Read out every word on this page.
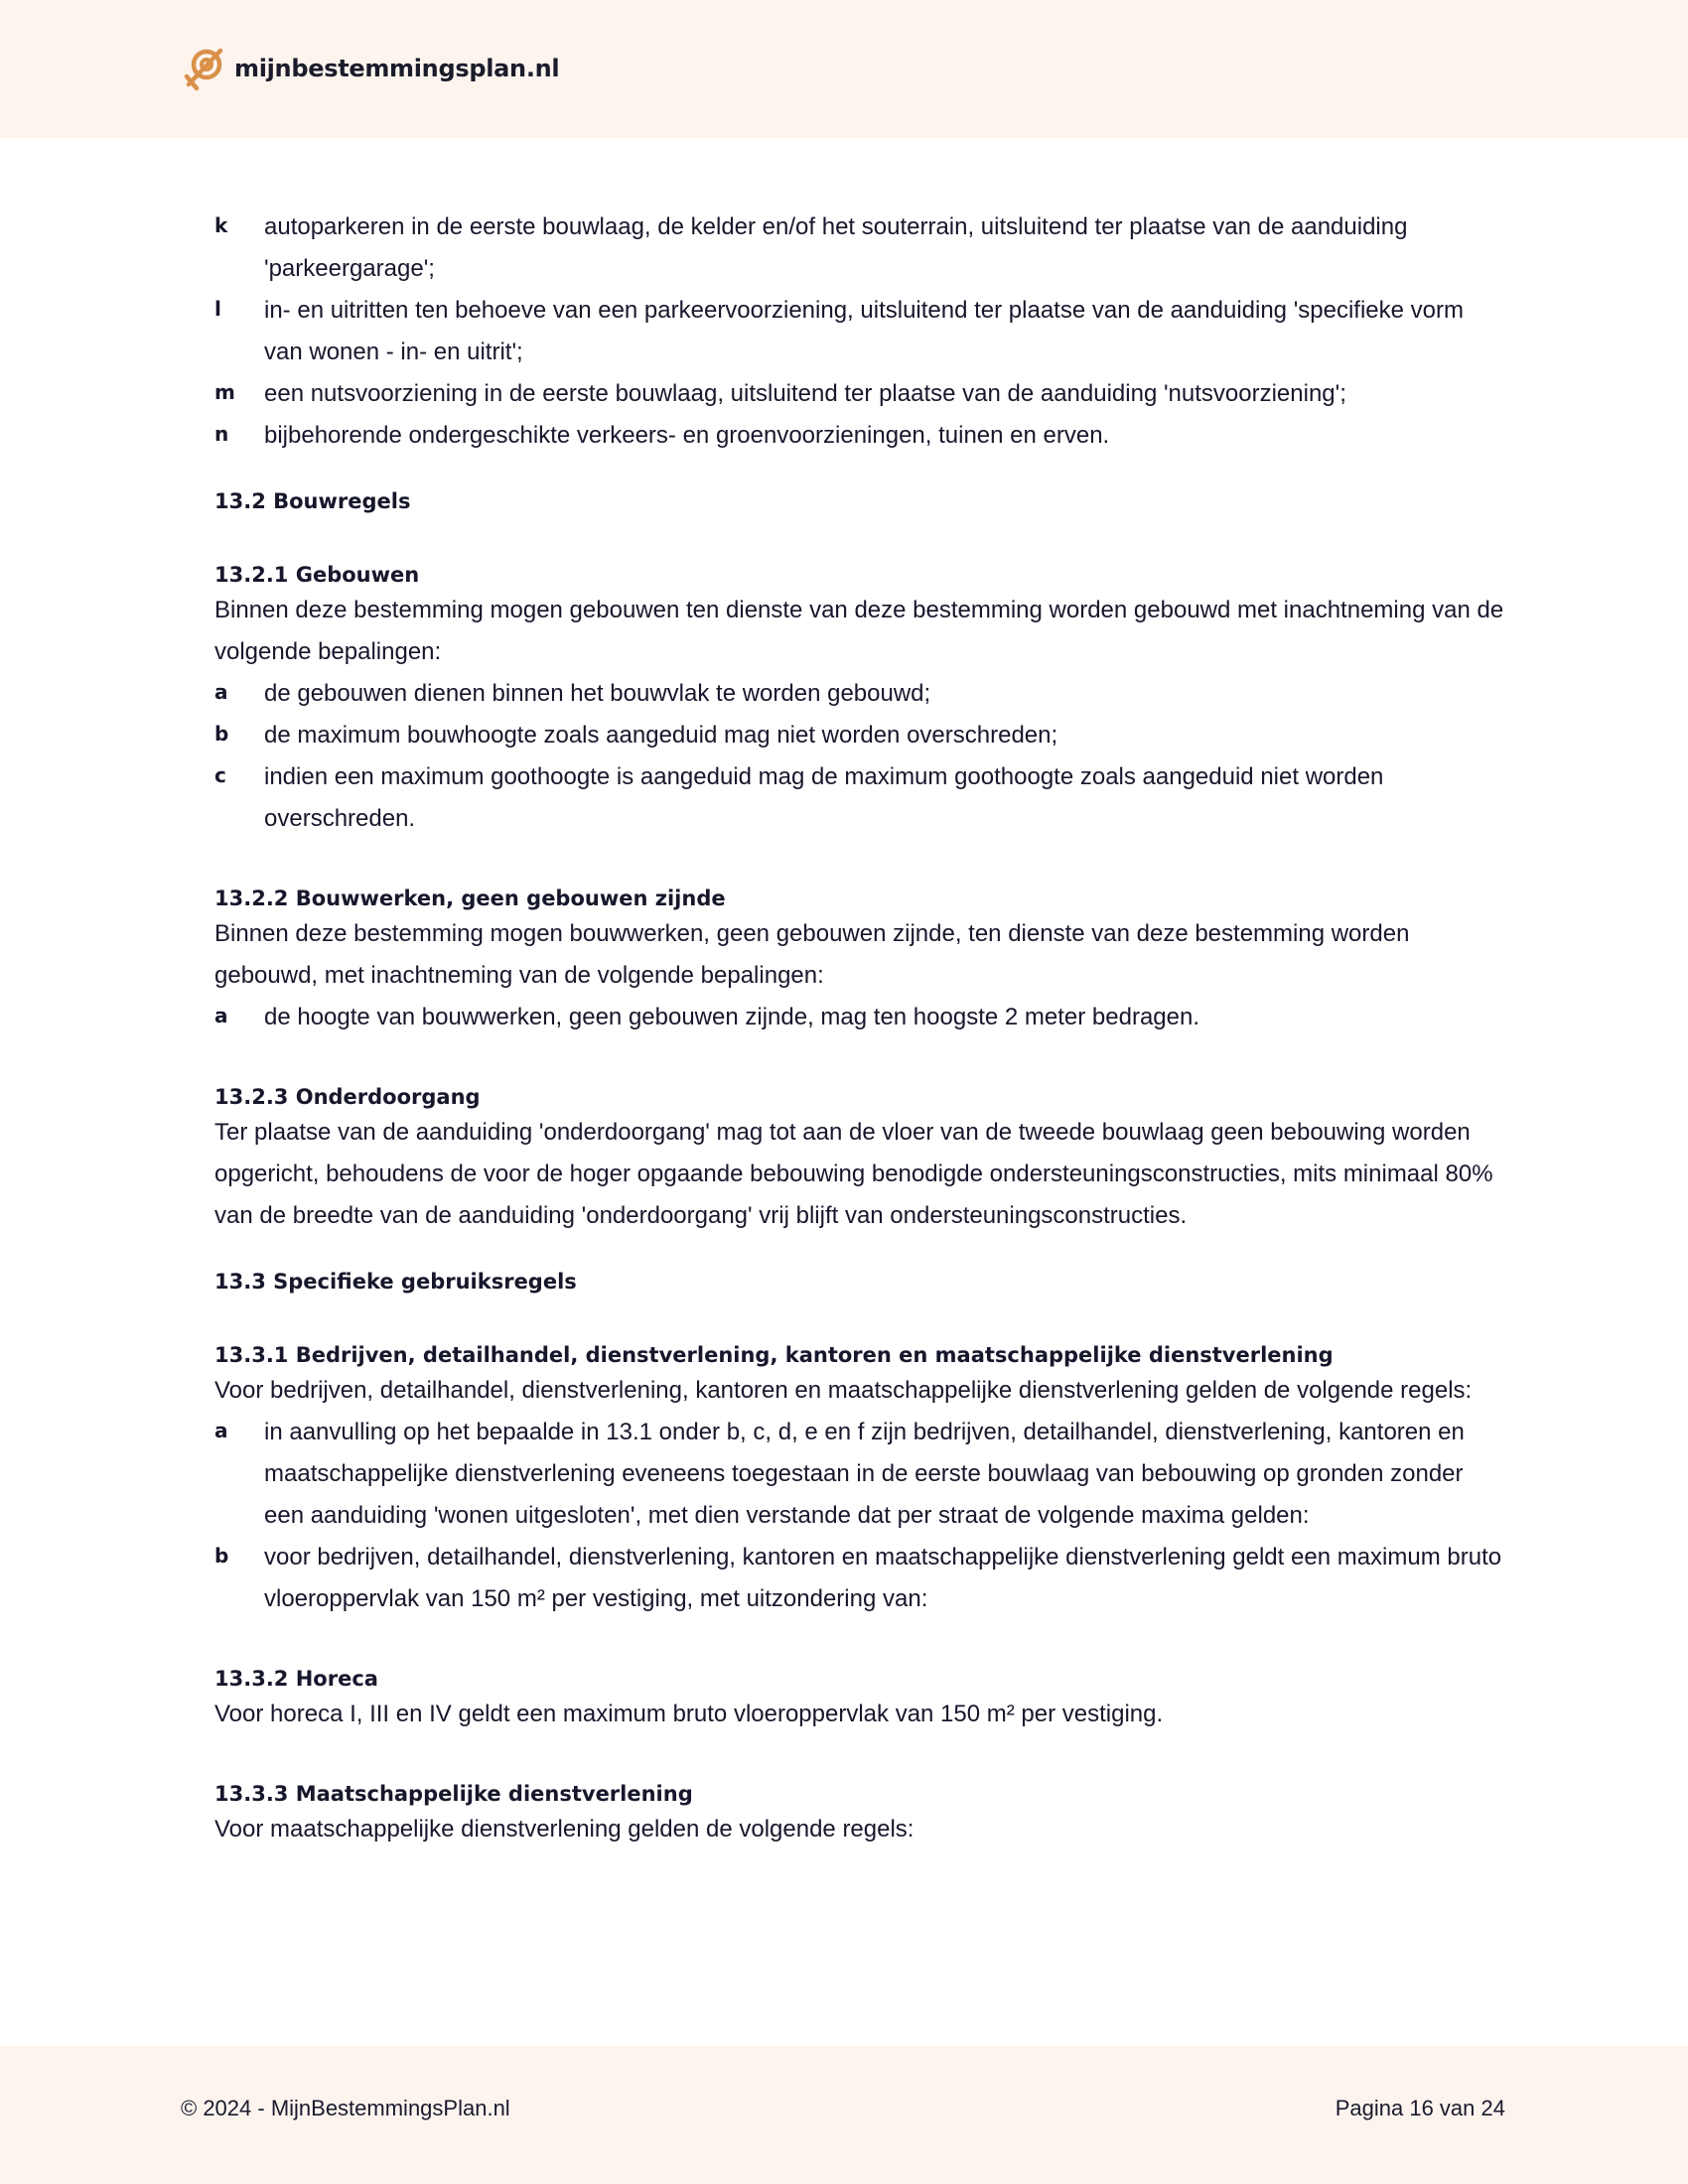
mijnbestemmingsplan.nl
k autoparkeren in de eerste bouwlaag, de kelder en/of het souterrain, uitsluitend ter plaatse van de aanduiding 'parkeergarage';
l in- en uitritten ten behoeve van een parkeervoorziening, uitsluitend ter plaatse van de aanduiding 'specifieke vorm van wonen - in- en uitrit';
m een nutsvoorziening in de eerste bouwlaag, uitsluitend ter plaatse van de aanduiding 'nutsvoorziening';
n bijbehorende ondergeschikte verkeers- en groenvoorzieningen, tuinen en erven.
13.2 Bouwregels
13.2.1 Gebouwen
Binnen deze bestemming mogen gebouwen ten dienste van deze bestemming worden gebouwd met inachtneming van de volgende bepalingen:
a de gebouwen dienen binnen het bouwvlak te worden gebouwd;
b de maximum bouwhoogte zoals aangeduid mag niet worden overschreden;
c indien een maximum goothoogte is aangeduid mag de maximum goothoogte zoals aangeduid niet worden overschreden.
13.2.2 Bouwwerken, geen gebouwen zijnde
Binnen deze bestemming mogen bouwwerken, geen gebouwen zijnde, ten dienste van deze bestemming worden gebouwd, met inachtneming van de volgende bepalingen:
a de hoogte van bouwwerken, geen gebouwen zijnde, mag ten hoogste 2 meter bedragen.
13.2.3 Onderdoorgang
Ter plaatse van de aanduiding 'onderdoorgang' mag tot aan de vloer van de tweede bouwlaag geen bebouwing worden opgericht, behoudens de voor de hoger opgaande bebouwing benodigde ondersteuningsconstructies, mits minimaal 80% van de breedte van de aanduiding 'onderdoorgang' vrij blijft van ondersteuningsconstructies.
13.3 Specifieke gebruiksregels
13.3.1 Bedrijven, detailhandel, dienstverlening, kantoren en maatschappelijke dienstverlening
Voor bedrijven, detailhandel, dienstverlening, kantoren en maatschappelijke dienstverlening gelden de volgende regels:
a in aanvulling op het bepaalde in 13.1 onder b, c, d, e en f zijn bedrijven, detailhandel, dienstverlening, kantoren en maatschappelijke dienstverlening eveneens toegestaan in de eerste bouwlaag van bebouwing op gronden zonder een aanduiding 'wonen uitgesloten', met dien verstande dat per straat de volgende maxima gelden:
b voor bedrijven, detailhandel, dienstverlening, kantoren en maatschappelijke dienstverlening geldt een maximum bruto vloeroppervlak van 150 m² per vestiging, met uitzondering van:
13.3.2 Horeca
Voor horeca I, III en IV geldt een maximum bruto vloeroppervlak van 150 m² per vestiging.
13.3.3 Maatschappelijke dienstverlening
Voor maatschappelijke dienstverlening gelden de volgende regels:
© 2024 - MijnBestemmingsPlan.nl	Pagina 16 van 24
